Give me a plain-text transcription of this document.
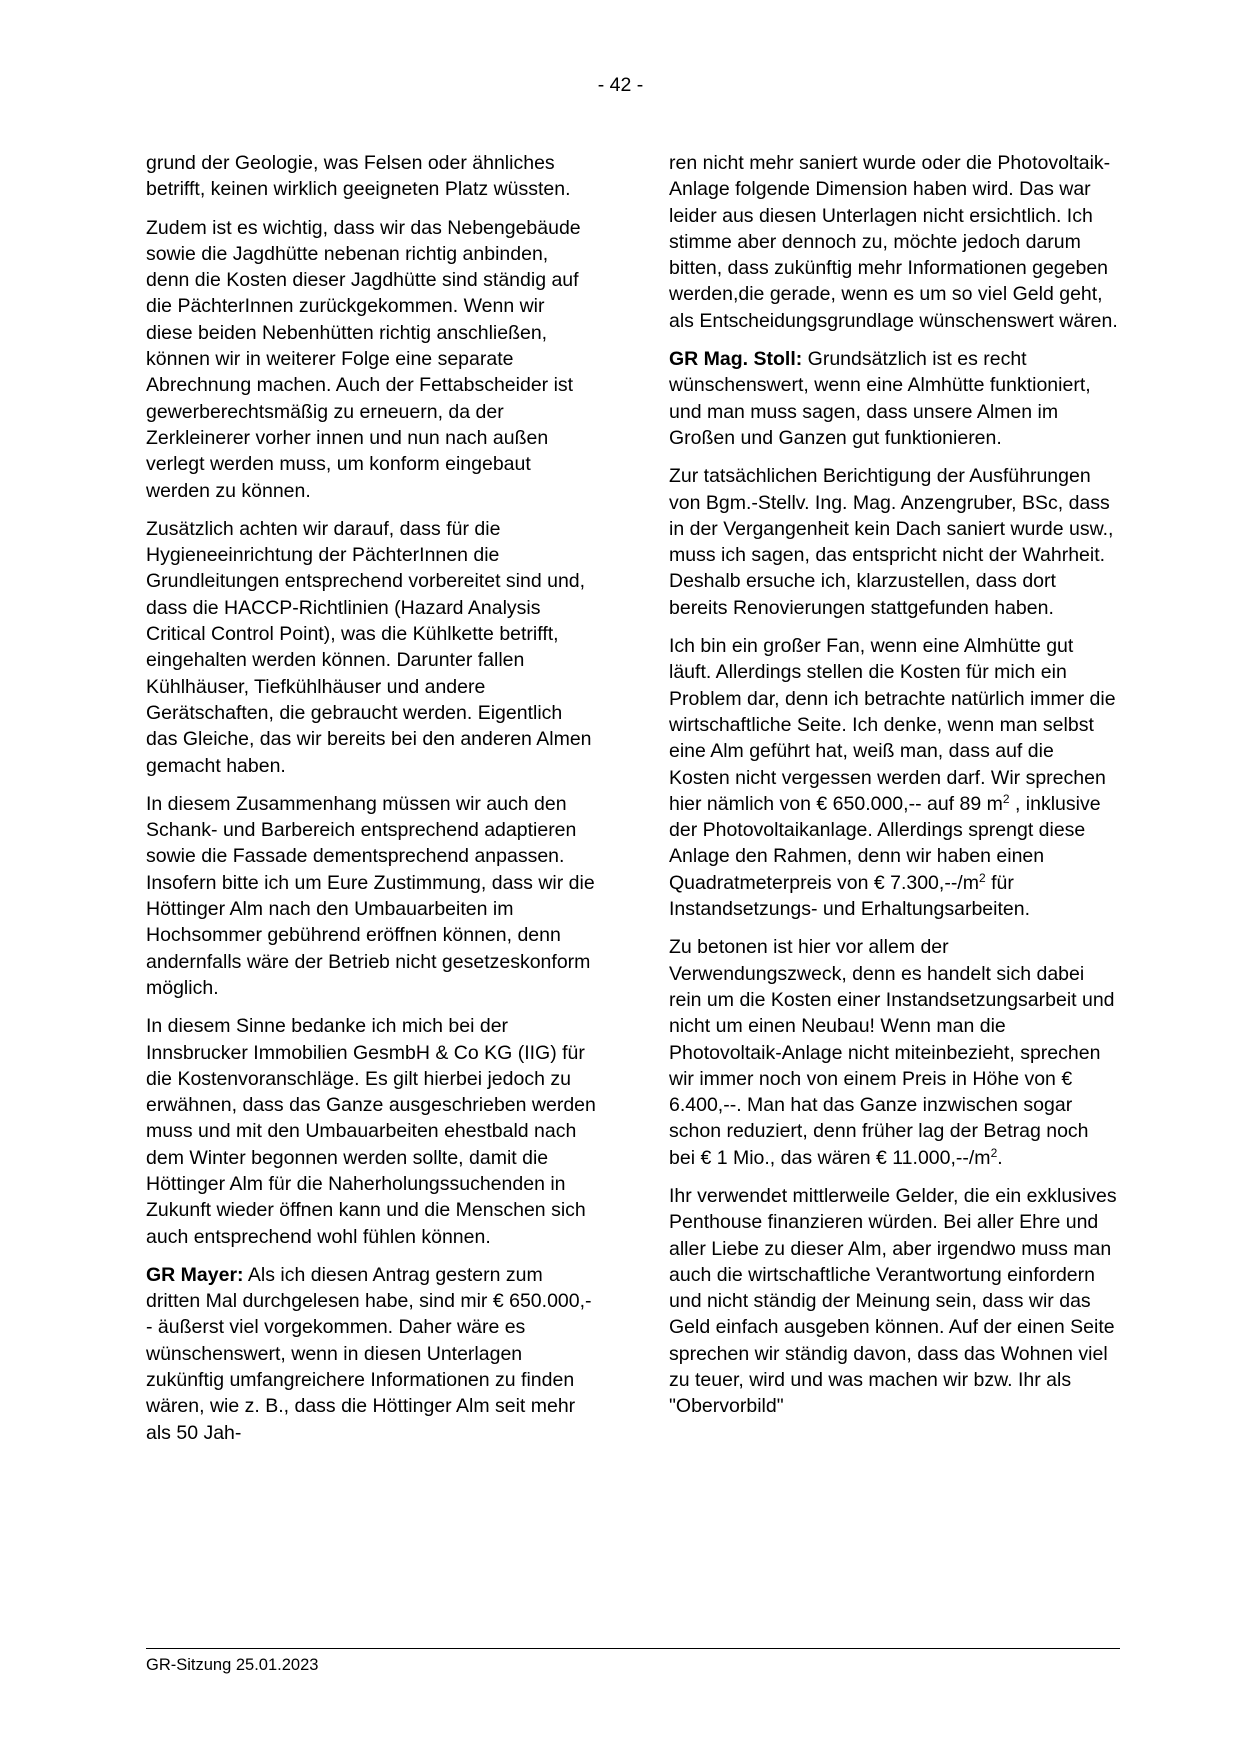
- 42 -

grund der Geologie, was Felsen oder ähnliches betrifft, keinen wirklich geeigneten Platz wüssten.

Zudem ist es wichtig, dass wir das Nebengebäude sowie die Jagdhütte nebenan richtig anbinden, denn die Kosten dieser Jagdhütte sind ständig auf die PächterInnen zurückgekommen. Wenn wir diese beiden Nebenhütten richtig anschließen, können wir in weiterer Folge eine separate Abrechnung machen. Auch der Fettabscheider ist gewerberechtsmäßig zu erneuern, da der Zerkleinerer vorher innen und nun nach außen verlegt werden muss, um konform eingebaut werden zu können.

Zusätzlich achten wir darauf, dass für die Hygieneeinrichtung der PächterInnen die Grundleitungen entsprechend vorbereitet sind und, dass die HACCP-Richtlinien (Hazard Analysis Critical Control Point), was die Kühlkette betrifft, eingehalten werden können. Darunter fallen Kühlhäuser, Tiefkühlhäuser und andere Gerätschaften, die gebraucht werden. Eigentlich das Gleiche, das wir bereits bei den anderen Almen gemacht haben.

In diesem Zusammenhang müssen wir auch den Schank- und Barbereich entsprechend adaptieren sowie die Fassade dementsprechend anpassen. Insofern bitte ich um Eure Zustimmung, dass wir die Höttinger Alm nach den Umbauarbeiten im Hochsommer gebührend eröffnen können, denn andernfalls wäre der Betrieb nicht gesetzeskonform möglich.

In diesem Sinne bedanke ich mich bei der Innsbrucker Immobilien GesmbH & Co KG (IIG) für die Kostenvoranschläge. Es gilt hierbei jedoch zu erwähnen, dass das Ganze ausgeschrieben werden muss und mit den Umbauarbeiten ehestbald nach dem Winter begonnen werden sollte, damit die Höttinger Alm für die Naherholungssuchenden in Zukunft wieder öffnen kann und die Menschen sich auch entsprechend wohl fühlen können.

GR Mayer: Als ich diesen Antrag gestern zum dritten Mal durchgelesen habe, sind mir € 650.000,-- äußerst viel vorgekommen. Daher wäre es wünschenswert, wenn in diesen Unterlagen zukünftig umfangreichere Informationen zu finden wären, wie z. B., dass die Höttinger Alm seit mehr als 50 Jah-

ren nicht mehr saniert wurde oder die Photovoltaik-Anlage folgende Dimension haben wird. Das war leider aus diesen Unterlagen nicht ersichtlich. Ich stimme aber dennoch zu, möchte jedoch darum bitten, dass zukünftig mehr Informationen gegeben werden,die gerade, wenn es um so viel Geld geht, als Entscheidungsgrundlage wünschenswert wären.

GR Mag. Stoll: Grundsätzlich ist es recht wünschenswert, wenn eine Almhütte funktioniert, und man muss sagen, dass unsere Almen im Großen und Ganzen gut funktionieren.

Zur tatsächlichen Berichtigung der Ausführungen von Bgm.-Stellv. Ing. Mag. Anzengruber, BSc, dass in der Vergangenheit kein Dach saniert wurde usw., muss ich sagen, das entspricht nicht der Wahrheit. Deshalb ersuche ich, klarzustellen, dass dort bereits Renovierungen stattgefunden haben.

Ich bin ein großer Fan, wenn eine Almhütte gut läuft. Allerdings stellen die Kosten für mich ein Problem dar, denn ich betrachte natürlich immer die wirtschaftliche Seite. Ich denke, wenn man selbst eine Alm geführt hat, weiß man, dass auf die Kosten nicht vergessen werden darf. Wir sprechen hier nämlich von € 650.000,-- auf 89 $m^2$ , inklusive der Photovoltaikanlage. Allerdings sprengt diese Anlage den Rahmen, denn wir haben einen Quadratmeterpreis von € $7.300,--/m^2$ für Instandsetzungs- und Erhaltungsarbeiten.

Zu betonen ist hier vor allem der Verwendungszweck, denn es handelt sich dabei rein um die Kosten einer Instandsetzungsarbeit und nicht um einen Neubau! Wenn man die Photovoltaik-Anlage nicht miteinbezieht, sprechen wir immer noch von einem Preis in Höhe von € 6.400,--. Man hat das Ganze inzwischen sogar schon reduziert, denn früher lag der Betrag noch bei € 1 Mio., das wären € $11.000,--/m^2$.

Ihr verwendet mittlerweile Gelder, die ein exklusives Penthouse finanzieren würden. Bei aller Ehre und aller Liebe zu dieser Alm, aber irgendwo muss man auch die wirtschaftliche Verantwortung einfordern und nicht ständig der Meinung sein, dass wir das Geld einfach ausgeben können. Auf der einen Seite sprechen wir ständig davon, dass das Wohnen viel zu teuer, wird und was machen wir bzw. Ihr als "Obervorbild"

GR-Sitzung 25.01.2023
